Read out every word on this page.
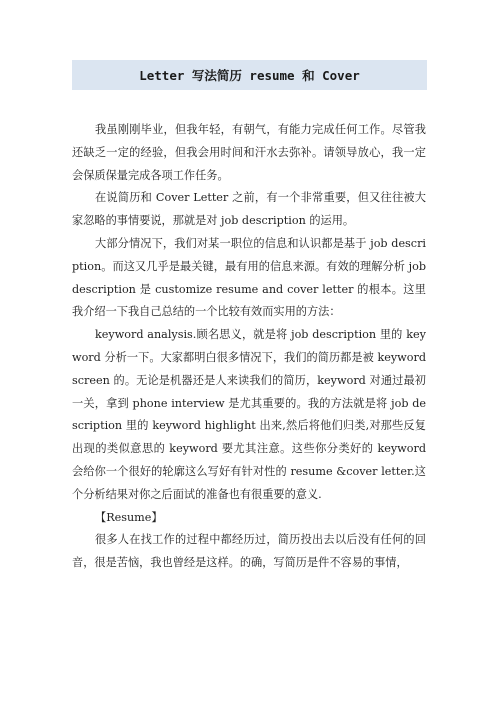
Letter 写法简历 resume 和 Cover

我虽刚刚毕业，但我年轻，有朝气，有能力完成任何工作。尽管我还缺乏一定的经验，但我会用时间和汗水去弥补。请领导放心，我一定会保质保量完成各项工作任务。

在说简历和 Cover Letter 之前，有一个非常重要，但又往往被大家忽略的事情要说，那就是对 job description 的运用。

大部分情况下，我们对某一职位的信息和认识都是基于 job description。而这又几乎是最关键，最有用的信息来源。有效的理解分析 job description 是 customize resume and cover letter 的根本。这里我介绍一下我自己总结的一个比较有效而实用的方法：

keyword analysis.顾名思义，就是将 job description 里的 keyword 分析一下。大家都明白很多情况下，我们的简历都是被 keyword screen 的。无论是机器还是人来读我们的简历，keyword 对通过最初一关，拿到 phone interview 是尤其重要的。我的方法就是将 job description 里的 keyword highlight 出来,然后将他们归类,对那些反复出现的类似意思的 keyword 要尤其注意。这些你分类好的 keyword 会给你一个很好的轮廓这么写好有针对性的 resume &cover letter.这个分析结果对你之后面试的准备也有很重要的意义.

【Resume】

很多人在找工作的过程中都经历过，简历投出去以后没有任何的回音，很是苦恼，我也曾经是这样。的确，写简历是件不容易的事情，
